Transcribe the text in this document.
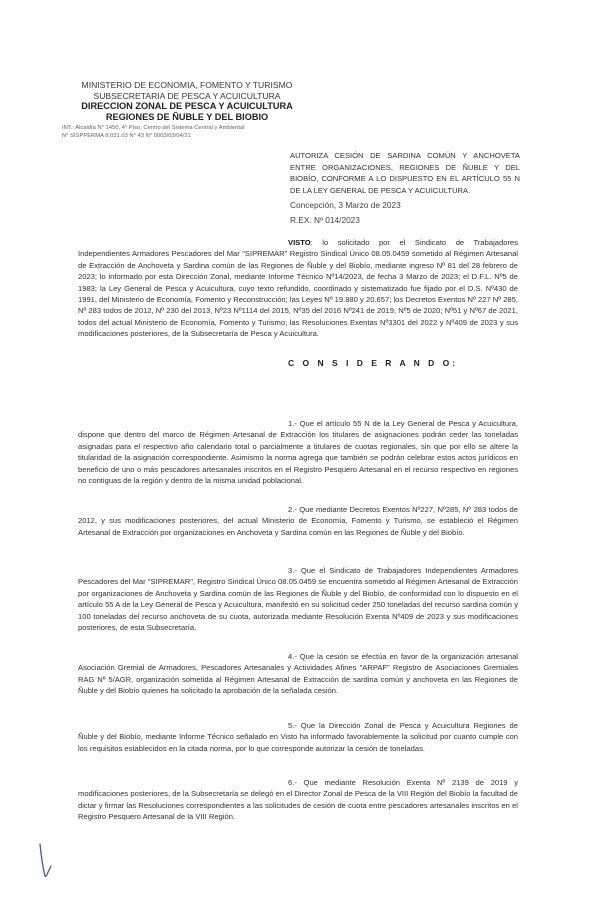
MINISTERIO DE ECONOMIA, FOMENTO Y TURISMO
SUBSECRETARIA DE PESCA Y ACUICULTURA
DIRECCION ZONAL DE PESCA Y ACUICULTURA
REGIONES DE ÑUBLE Y DEL BIOBIO
INT.: Alcaldía N° 1450, 4° Piso, Centro del Sistema Central y Ambiental
N° SISPPERMA 8.031.03 N° 43 N° 0003/03/04/21
AUTORIZA CESIÓN DE SARDINA COMÚN Y ANCHOVETA ENTRE ORGANIZACIONES, REGIONES DE ÑUBLE Y DEL BIOBÍO, CONFORME A LO DISPUESTO EN EL ARTÍCULO 55 N DE LA LEY GENERAL DE PESCA Y ACUICULTURA.
Concepción, 3 Marzo de 2023
R.EX. Nº 014/2023

VISTO: lo solicitado por el Sindicato de Trabajadores Independientes Armadores Pescadores del Mar "SIPREMAR" Registro Sindical Único 08.05.0459 sometido al Régimen Artesanal de Extracción de Anchoveta y Sardina común de las Regiones de Ñuble y del Biobío, mediante ingreso Nº 81 del 28 febrero de 2023; lo informado por esta Dirección Zonal, mediante Informe Técnico Nº14/2023, de fecha 3 Marzo de 2023; el D.F.L. Nº5 de 1983; la Ley General de Pesca y Acuicultura, cuyo texto refundido, coordinado y sistematizado fue fijado por el D.S. Nº430 de 1991, del Ministerio de Economía, Fomento y Reconstrucción; las Leyes Nº 19.880 y 20.657; los Decretos Exentos Nº 227 Nº 285, Nº 283 todos de 2012, Nº 230 del 2013, Nº23 Nº1114 del 2015, Nº35 del 2016 Nº241 de 2019, Nº5 de 2020; Nº51 y Nº67 de 2021, todos del actual Ministerio de Economía, Fomento y Turismo; las Resoluciones Exentas Nº3301 del 2022 y Nº409 de 2023 y sus modificaciones posteriores, de la Subsecretaría de Pesca y Acuicultura.

C O N S I D E R A N D O:

1.- Que el artículo 55 N de la Ley General de Pesca y Acuicultura, dispone que dentro del marco de Régimen Artesanal de Extracción los titulares de asignaciones podrán ceder las toneladas asignadas para el respectivo año calendario total o parcialmente a titulares de cuotas regionales, sin que por ello se altere la titularidad de la asignación correspondiente. Asimismo la norma agrega que también se podrán celebrar estos actos jurídicos en beneficio de uno o más pescadores artesanales inscritos en el Registro Pesquero Artesanal en el recurso respectivo en regiones no contiguas de la región y dentro de la misma unidad poblacional.

2.- Que mediante Decretos Exentos Nº227, Nº285, Nº 283 todos de 2012, y sus modificaciones posteriores, del actual Ministerio de Economía, Fomento y Turismo, se estableció el Régimen Artesanal de Extracción por organizaciones en Anchoveta y Sardina común en las Regiones de Ñuble y del Biobío.

3.- Que el Sindicato de Trabajadores Independientes Armadores Pescadores del Mar "SIPREMAR", Registro Sindical Único 08.05.0459 se encuentra sometido al Régimen Artesanal de Extracción por organizaciones de Anchoveta y Sardina común de las Regiones de Ñuble y del Biobío, de conformidad con lo dispuesto en el artículo 55 A de la Ley General de Pesca y Acuicultura, manifestó en su solicitud ceder 250 toneladas del recurso sardina común y 100 toneladas del recurso anchoveta de su cuota, autorizada mediante Resolución Exenta Nº409 de 2023 y sus modificaciones posteriores, de esta Subsecretaría.

4.- Que la cesión se efectúa en favor de la organización artesanal Asociación Gremial de Armadores, Pescadores Artesanales y Actividades Afines "ARPAF" Registro de Asociaciones Gremiales RAG Nº 5/AGR, organización sometida al Régimen Artesanal de Extracción de sardina común y anchoveta en las Regiones de Ñuble y del Biobío quienes ha solicitado la aprobación de la señalada cesión.

5.- Que la Dirección Zonal de Pesca y Acuicultura Regiones de Ñuble y del Biobío, mediante Informe Técnico señalado en Visto ha informado favorablemente la solicitud por cuanto cumple con los requisitos establecidos en la citada norma, por lo que corresponde autorizar la cesión de toneladas.

6.- Que mediante Resolución Exenta Nº 2139 de 2019 y modificaciones posteriores, de la Subsecretaría se delegó en el Director Zonal de Pesca de la VIII Región del Biobío la facultad de dictar y firmar las Resoluciones correspondientes a las solicitudes de cesión de cuota entre pescadores artesanales inscritos en el Registro Pesquero Artesanal de la VIII Región.
